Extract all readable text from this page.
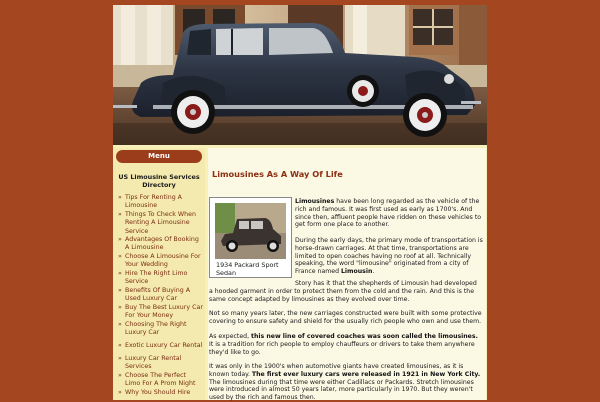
Menu
US Limousine Services Directory
» Tips For Renting A Limousine
» Things To Check When Renting A Limousine Service
» Advantages Of Booking A Limousine
» Choose A Limousine For Your Wedding
» Hire The Right Limo Service
» Benefits Of Buying A Used Luxury Car
» Buy The Best Luxury Car For Your Money
» Choosing The Right Luxury Car
» Exotic Luxury Car Rental
» Luxury Car Rental Services
» Choose The Perfect Limo For A Prom Night
» Why You Should Hire
Limousines As A Way Of Life
1934 Packard Sport Sedan
Limousines have been long regarded as the vehicle of the rich and famous. It was first used as early as 1700's. And since then, affluent people have ridden on these vehicles to get form one place to another.
During the early days, the primary mode of transportation is horse-drawn carriages. At that time, transportations are limited to open coaches having no roof at all. Technically speaking, the word "limousine" originated from a city of France named Limousin.
Story has it that the shepherds of Limousin had developed
a hooded garment in order to protect them from the cold and the rain. And this is the same concept adapted by limousines as they evolved over time.
Not so many years later, the new carriages constructed were built with some protective covering to ensure safety and shield for the usually rich people who own and use them.
As expected, this new line of covered coaches was soon called the limousines. It is a tradition for rich people to employ chauffeurs or drivers to take them anywhere they'd like to go.
It was only in the 1900's when automotive giants have created limousines, as it is known today. The first ever luxury cars were released in 1921 in New York City. The limousines during that time were either Cadillacs or Packards. Stretch limousines were introduced in almost 50 years later, more particularly in 1970. But they weren't used by the rich and famous then.
